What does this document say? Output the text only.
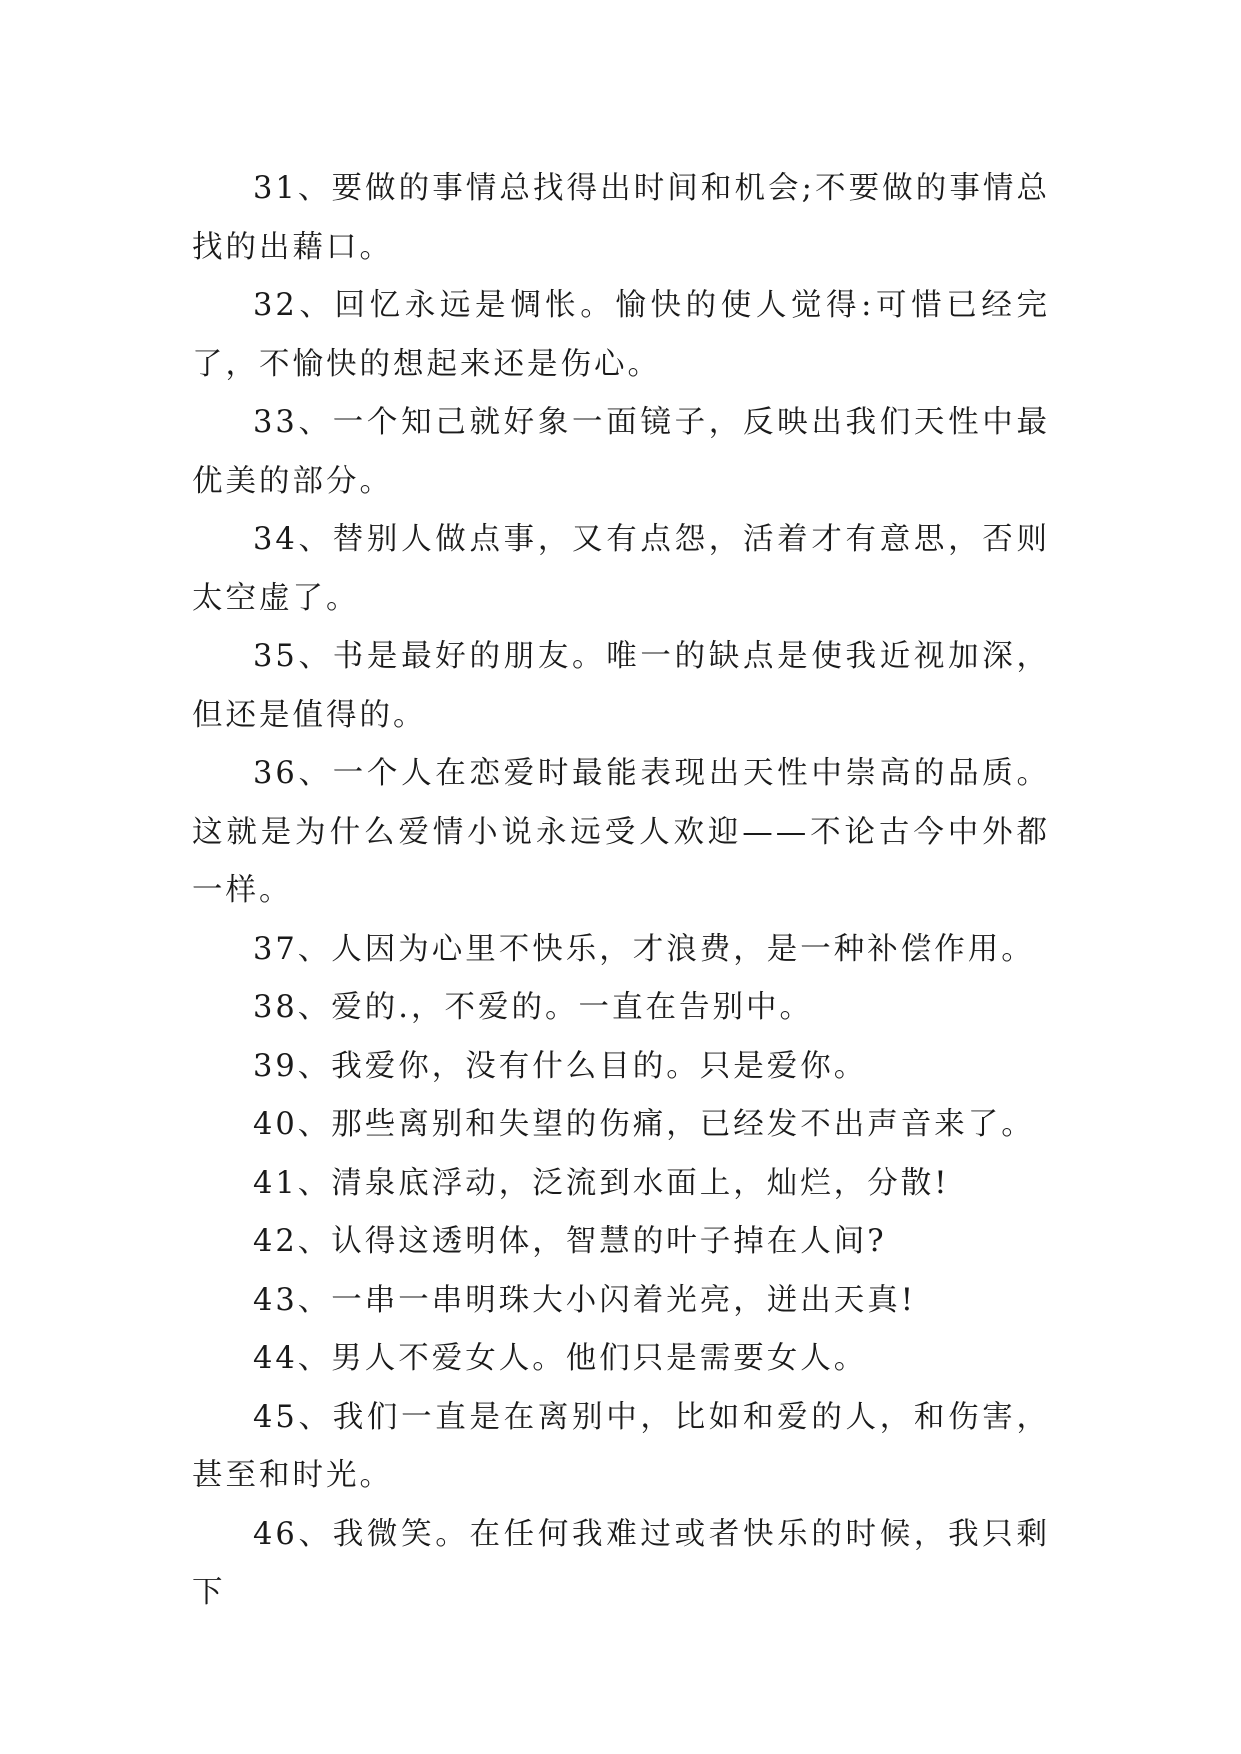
31、要做的事情总找得出时间和机会;不要做的事情总找的出藉口。

32、回忆永远是惆怅。愉快的使人觉得:可惜已经完了，不愉快的想起来还是伤心。

33、一个知己就好象一面镜子，反映出我们天性中最优美的部分。

34、替别人做点事，又有点怨，活着才有意思，否则太空虚了。

35、书是最好的朋友。唯一的缺点是使我近视加深，但还是值得的。

36、一个人在恋爱时最能表现出天性中崇高的品质。这就是为什么爱情小说永远受人欢迎——不论古今中外都一样。

37、人因为心里不快乐，才浪费，是一种补偿作用。

38、爱的.，不爱的。一直在告别中。

39、我爱你，没有什么目的。只是爱你。

40、那些离别和失望的伤痛，已经发不出声音来了。

41、清泉底浮动，泛流到水面上，灿烂，分散!

42、认得这透明体，智慧的叶子掉在人间?

43、一串一串明珠大小闪着光亮，迸出天真!

44、男人不爱女人。他们只是需要女人。

45、我们一直是在离别中，比如和爱的人，和伤害，甚至和时光。

46、我微笑。在任何我难过或者快乐的时候，我只剩下
